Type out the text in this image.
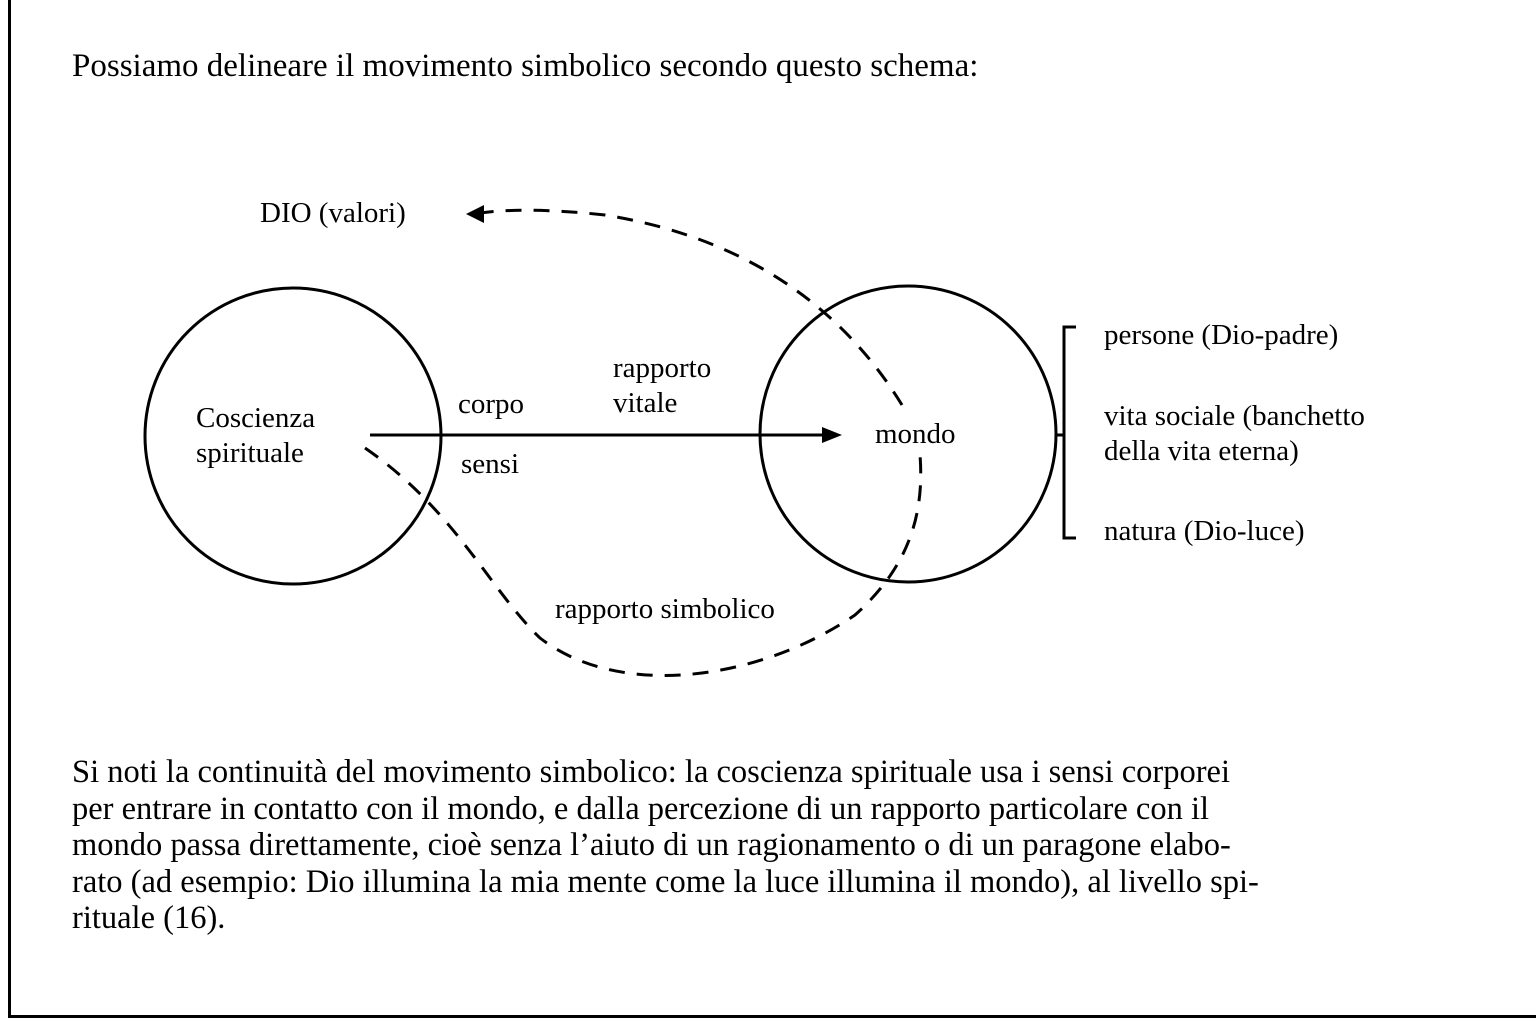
Possiamo delineare il movimento simbolico secondo questo schema:
DIO (valori)
Coscienza
spirituale
corpo
sensi
rapporto
vitale
mondo
rapporto simbolico
persone (Dio-padre)
vita sociale (banchetto
della vita eterna)
natura (Dio-luce)
Si noti la continuità del movimento simbolico: la coscienza spirituale usa i sensi corporei
per entrare in contatto con il mondo, e dalla percezione di un rapporto particolare con il
mondo passa direttamente, cioè senza l’aiuto di un ragionamento o di un paragone elabo-
rato (ad esempio: Dio illumina la mia mente come la luce illumina il mondo), al livello spi-
rituale (16).
